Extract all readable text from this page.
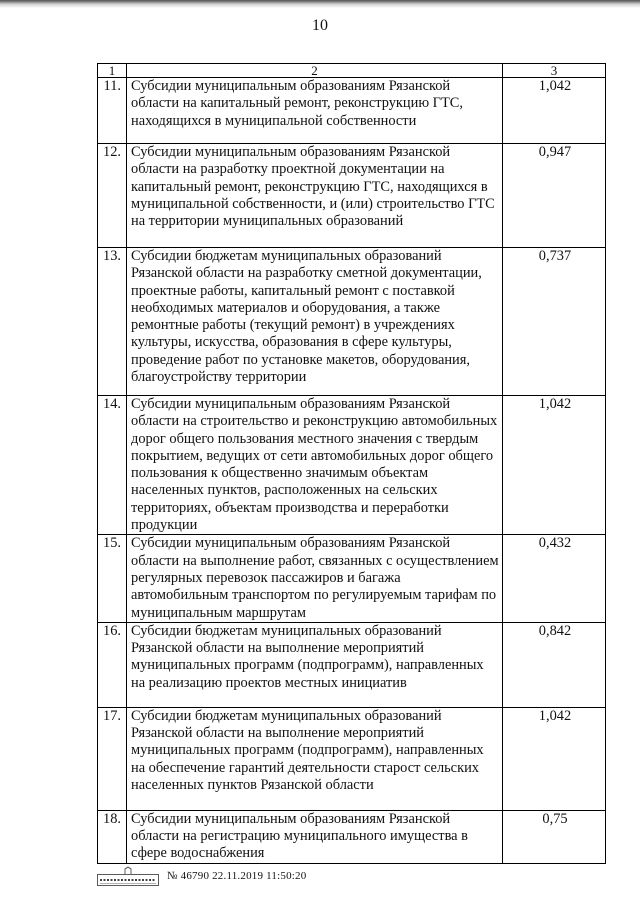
10
1	2	3
11.	Субсидии муниципальным образованиям Рязанской области на капитальный ремонт, реконструкцию ГТС, находящихся в муниципальной собственности	1,042
12.	Субсидии муниципальным образованиям Рязанской области на разработку проектной документации на капитальный ремонт, реконструкцию ГТС, находящихся в муниципальной собственности, и (или) строительство ГТС на территории муниципальных образований	0,947
13.	Субсидии бюджетам муниципальных образований Рязанской области на разработку сметной документации, проектные работы, капитальный ремонт с поставкой необходимых материалов и оборудования, а также ремонтные работы (текущий ремонт) в учреждениях культуры, искусства, образования в сфере культуры, проведение работ по установке макетов, оборудования, благоустройству территории	0,737
14.	Субсидии муниципальным образованиям Рязанской области на строительство и реконструкцию автомобильных дорог общего пользования местного значения с твердым покрытием, ведущих от сети автомобильных дорог общего пользования к общественно значимым объектам населенных пунктов, расположенных на сельских территориях, объектам производства и переработки продукции	1,042
15.	Субсидии муниципальным образованиям Рязанской области на выполнение работ, связанных с осуществлением регулярных перевозок пассажиров и багажа автомобильным транспортом по регулируемым тарифам по муниципальным маршрутам	0,432
16.	Субсидии бюджетам муниципальных образований Рязанской области на выполнение мероприятий муниципальных программ (подпрограмм), направленных на реализацию проектов местных инициатив	0,842
17.	Субсидии бюджетам муниципальных образований Рязанской области на выполнение мероприятий муниципальных программ (подпрограмм), направленных на обеспечение гарантий деятельности старост сельских населенных пунктов Рязанской области	1,042
18.	Субсидии муниципальным образованиям Рязанской области на регистрацию муниципального имущества в сфере водоснабжения	0,75
№ 46790 22.11.2019 11:50:20
